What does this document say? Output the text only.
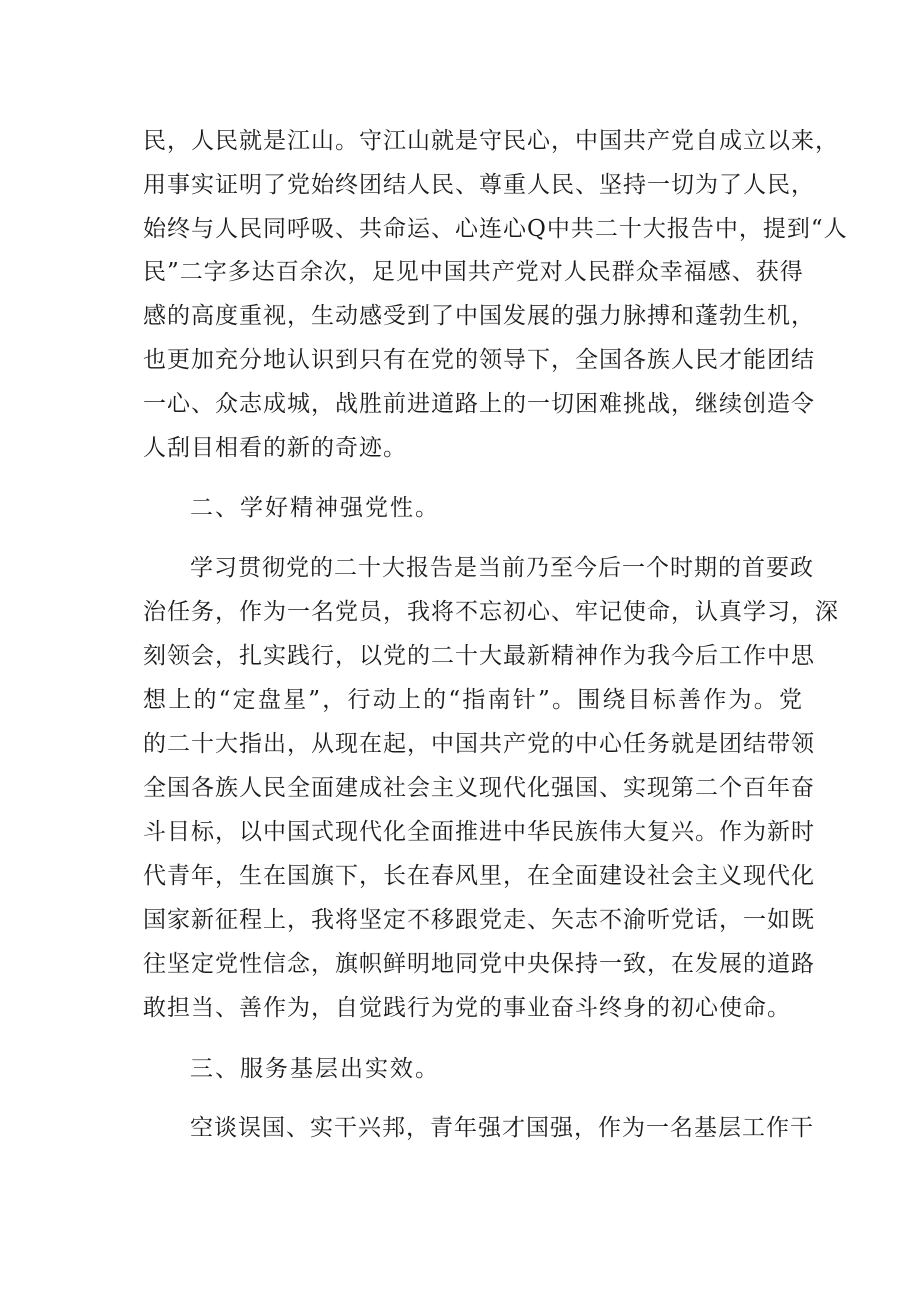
民，人民就是江山。守江山就是守民心，中国共产党自成立以来，

用事实证明了党始终团结人民、尊重人民、坚持一切为了人民，

始终与人民同呼吸、共命运、心连心Q中共二十大报告中，提到“人

民”二字多达百余次，足见中国共产党对人民群众幸福感、获得

感的高度重视，生动感受到了中国发展的强力脉搏和蓬勃生机，

也更加充分地认识到只有在党的领导下，全国各族人民才能团结

一心、众志成城，战胜前进道路上的一切困难挑战，继续创造令

人刮目相看的新的奇迹。

二、学好精神强党性。

学习贯彻党的二十大报告是当前乃至今后一个时期的首要政

治任务，作为一名党员，我将不忘初心、牢记使命，认真学习，深

刻领会，扎实践行，以党的二十大最新精神作为我今后工作中思

想上的“定盘星”，行动上的“指南针”。围绕目标善作为。党

的二十大指出，从现在起，中国共产党的中心任务就是团结带领

全国各族人民全面建成社会主义现代化强国、实现第二个百年奋

斗目标，以中国式现代化全面推进中华民族伟大复兴。作为新时

代青年，生在国旗下，长在春风里，在全面建设社会主义现代化

国家新征程上，我将坚定不移跟党走、矢志不渝听党话，一如既

往坚定党性信念，旗帜鲜明地同党中央保持一致，在发展的道路

敢担当、善作为，自觉践行为党的事业奋斗终身的初心使命。

三、服务基层出实效。

空谈误国、实干兴邦，青年强才国强，作为一名基层工作干
